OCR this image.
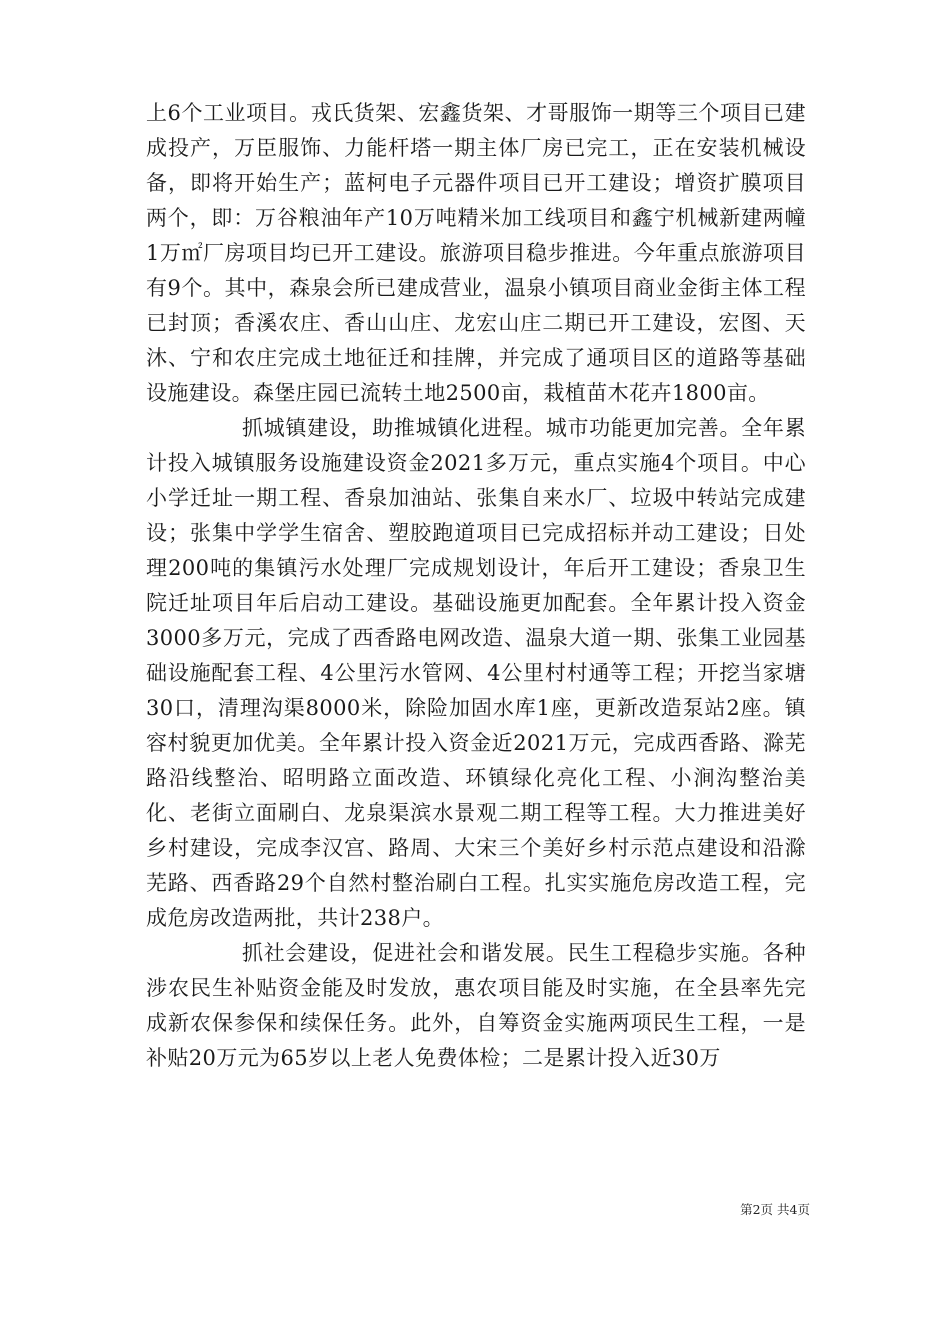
上6个工业项目。戎氏货架、宏鑫货架、才哥服饰一期等三个项目已建成投产，万臣服饰、力能杆塔一期主体厂房已完工，正在安装机械设备，即将开始生产；蓝柯电子元器件项目已开工建设；增资扩膜项目两个，即：万谷粮油年产10万吨精米加工线项目和鑫宁机械新建两幢1万㎡厂房项目均已开工建设。旅游项目稳步推进。今年重点旅游项目有9个。其中，森泉会所已建成营业，温泉小镇项目商业金街主体工程已封顶；香溪农庄、香山山庄、龙宏山庄二期已开工建设，宏图、天沐、宁和农庄完成土地征迁和挂牌，并完成了通项目区的道路等基础设施建设。森堡庄园已流转土地2500亩，栽植苗木花卉1800亩。

抓城镇建设，助推城镇化进程。城市功能更加完善。全年累计投入城镇服务设施建设资金2021多万元，重点实施4个项目。中心小学迁址一期工程、香泉加油站、张集自来水厂、垃圾中转站完成建设；张集中学学生宿舍、塑胶跑道项目已完成招标并动工建设；日处理200吨的集镇污水处理厂完成规划设计，年后开工建设；香泉卫生院迁址项目年后启动工建设。基础设施更加配套。全年累计投入资金3000多万元，完成了西香路电网改造、温泉大道一期、张集工业园基础设施配套工程、4公里污水管网、4公里村村通等工程；开挖当家塘30口，清理沟渠8000米，除险加固水库1座，更新改造泵站2座。镇容村貌更加优美。全年累计投入资金近2021万元，完成西香路、滁芜路沿线整治、昭明路立面改造、环镇绿化亮化工程、小涧沟整治美化、老街立面刷白、龙泉渠滨水景观二期工程等工程。大力推进美好乡村建设，完成李汉宫、路周、大宋三个美好乡村示范点建设和沿滁芜路、西香路29个自然村整治刷白工程。扎实实施危房改造工程，完成危房改造两批，共计238户。

抓社会建设，促进社会和谐发展。民生工程稳步实施。各种涉农民生补贴资金能及时发放，惠农项目能及时实施，在全县率先完成新农保参保和续保任务。此外，自筹资金实施两项民生工程，一是补贴20万元为65岁以上老人免费体检；二是累计投入近30万

第2页 共4页
